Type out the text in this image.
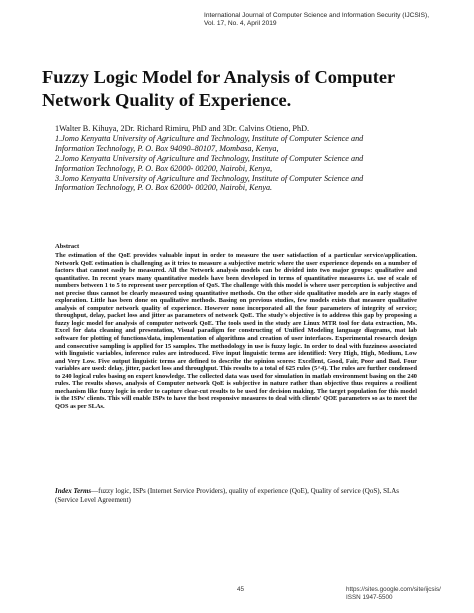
International Journal of Computer Science and Information Security (IJCSIS),
Vol. 17, No. 4, April 2019
Fuzzy Logic Model for Analysis of Computer Network Quality of Experience.
1Walter B. Kihuya, 2Dr. Richard Rimiru, PhD and 3Dr. Calvins Otieno, PhD.
1.Jomo Kenyatta University of Agriculture and Technology, Institute of Computer Science and
Information Technology, P. O. Box 94090–80107, Mombasa, Kenya,
2.Jomo Kenyatta University of Agriculture and Technology, Institute of Computer Science and
Information Technology, P. O. Box 62000- 00200, Nairobi, Kenya,
3.Jomo Kenyatta University of Agriculture and Technology, Institute of Computer Science and
Information Technology, P. O. Box 62000- 00200, Nairobi, Kenya.
Abstract
The estimation of the QoE provides valuable input in order to measure the user satisfaction of a particular service/application. Network QoE estimation is challenging as it tries to measure a subjective metric where the user experience depends on a number of factors that cannot easily be measured. All the Network analysis models can be divided into two major groups: qualitative and quantitative. In recent years many quantitative models have been developed in terms of quantitative measures i.e. use of scale of numbers between 1 to 5 to represent user perception of QoS. The challenge with this model is where user perception is subjective and not precise thus cannot be clearly measured using quantitative methods. On the other side qualitative models are in early stages of exploration. Little has been done on qualitative methods. Basing on previous studies, few models exists that measure qualitative analysis of computer network quality of experience. However none incorporated all the four parameters of integrity of service; throughput, delay, packet loss and jitter as parameters of network QoE. The study's objective is to address this gap by proposing a fuzzy logic model for analysis of computer network QoE. The tools used in the study are Linux MTR tool for data extraction, Ms. Excel for data cleaning and presentation, Visual paradigm for constructing of Unified Modeling language diagrams, mat lab software for plotting of functions/data, implementation of algorithms and creation of user interfaces. Experimental research design and consecutive sampling is applied for 15 samples. The methodology in use is fuzzy logic. In order to deal with fuzziness associated with linguistic variables, inference rules are introduced. Five input linguistic terms are identified: Very High, High, Medium, Low and Very Low. Five output linguistic terms are defined to describe the opinion scores: Excellent, Good, Fair, Poor and Bad. Four variables are used: delay, jitter, packet loss and throughput. This results to a total of 625 rules (5^4). The rules are further condensed to 240 logical rules basing on expert knowledge. The collected data was used for simulation in matlab environment basing on the 240 rules. The results shows, analysis of Computer network QoE is subjective in nature rather than objective thus requires a resilient mechanism like fuzzy logic in order to capture clear-cut results to be used for decision making. The target population for this model is the ISPs' clients. This will enable ISPs to have the best responsive measures to deal with clients' QOE parameters so as to meet the QOS as per SLAs.
Index Terms—fuzzy logic, ISPs (Internet Service Providers), quality of experience (QoE), Quality of service (QoS), SLAs (Service Level Agreement)
45	https://sites.google.com/site/ijcsis/
ISSN 1947-5500
